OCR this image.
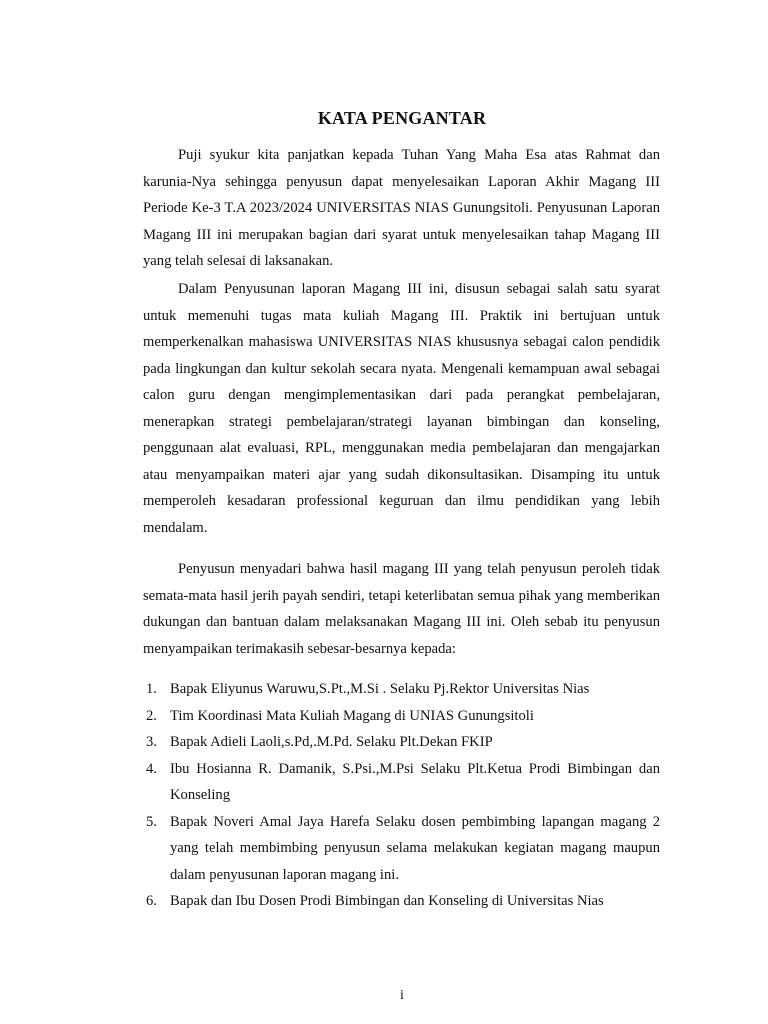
KATA PENGANTAR

Puji syukur kita panjatkan kepada Tuhan Yang Maha Esa atas Rahmat dan karunia-Nya sehingga penyusun dapat menyelesaikan Laporan Akhir Magang III Periode Ke-3 T.A 2023/2024 UNIVERSITAS NIAS Gunungsitoli. Penyusunan Laporan Magang III ini merupakan bagian dari syarat untuk menyelesaikan tahap Magang III yang telah selesai di laksanakan.

Dalam Penyusunan laporan Magang III ini, disusun sebagai salah satu syarat untuk memenuhi tugas mata kuliah Magang III. Praktik ini bertujuan untuk memperkenalkan mahasiswa UNIVERSITAS NIAS khususnya sebagai calon pendidik pada lingkungan dan kultur sekolah secara nyata. Mengenali kemampuan awal sebagai calon guru dengan mengimplementasikan dari pada perangkat pembelajaran, menerapkan strategi pembelajaran/strategi layanan bimbingan dan konseling, penggunaan alat evaluasi, RPL, menggunakan media pembelajaran dan mengajarkan atau menyampaikan materi ajar yang sudah dikonsultasikan. Disamping itu untuk memperoleh kesadaran professional keguruan dan ilmu pendidikan yang lebih mendalam.

Penyusun menyadari bahwa hasil magang III yang telah penyusun peroleh tidak semata-mata hasil jerih payah sendiri, tetapi keterlibatan semua pihak yang memberikan dukungan dan bantuan dalam melaksanakan Magang III ini. Oleh sebab itu penyusun menyampaikan terimakasih sebesar-besarnya kepada:

1. Bapak Eliyunus Waruwu,S.Pt.,M.Si . Selaku Pj.Rektor Universitas Nias
2. Tim Koordinasi Mata Kuliah Magang di UNIAS Gunungsitoli
3. Bapak Adieli Laoli,s.Pd,.M.Pd. Selaku Plt.Dekan FKIP
4. Ibu Hosianna R. Damanik, S.Psi.,M.Psi Selaku Plt.Ketua Prodi Bimbingan dan Konseling
5. Bapak Noveri Amal Jaya Harefa Selaku dosen pembimbing lapangan magang 2 yang telah membimbing penyusun selama melakukan kegiatan magang maupun dalam penyusunan laporan magang ini.
6. Bapak dan Ibu Dosen Prodi Bimbingan dan Konseling di Universitas Nias
i
